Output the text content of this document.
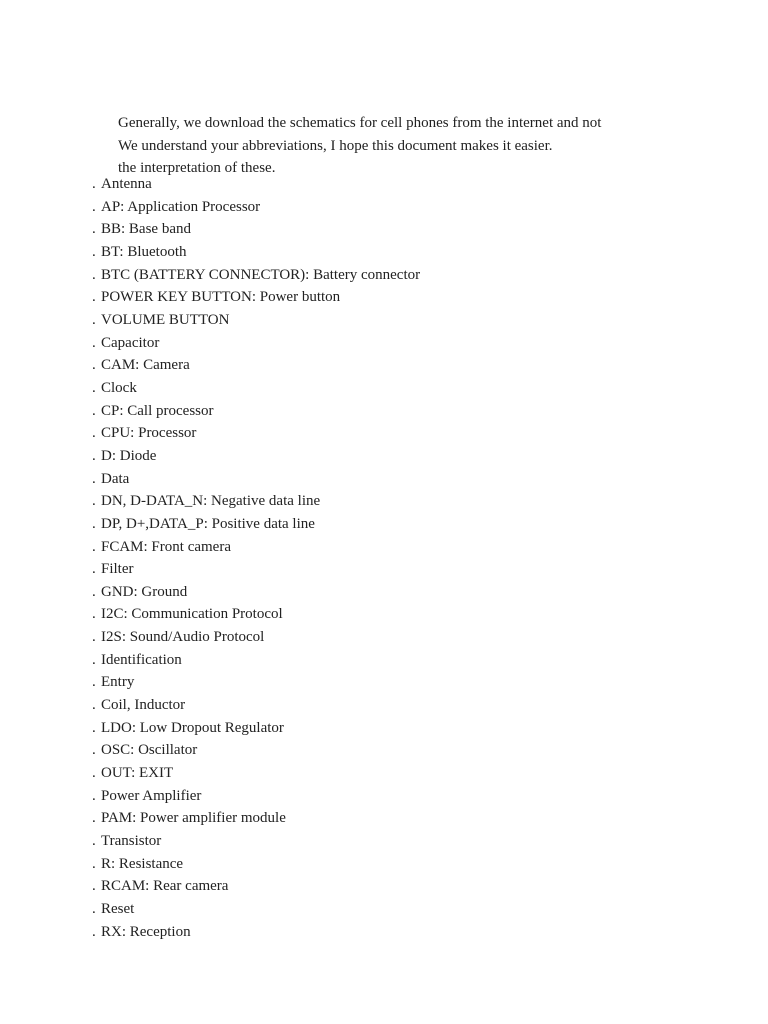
Generally, we download the schematics for cell phones from the internet and not

We understand your abbreviations, I hope this document makes it easier.

the interpretation of these.

. Antenna
. AP: Application Processor
. BB: Base band
. BT: Bluetooth
. BTC (BATTERY CONNECTOR): Battery connector
. POWER KEY BUTTON: Power button
. VOLUME BUTTON
. Capacitor
. CAM: Camera
. Clock
. CP: Call processor
. CPU: Processor
. D: Diode
. Data
. DN, D-DATA_N: Negative data line
. DP, D+,DATA_P: Positive data line
. FCAM: Front camera
. Filter
. GND: Ground
. I2C: Communication Protocol
. I2S: Sound/Audio Protocol
. Identification
. Entry
. Coil, Inductor
. LDO: Low Dropout Regulator
. OSC: Oscillator
. OUT: EXIT
. Power Amplifier
. PAM: Power amplifier module
. Transistor
. R: Resistance
. RCAM: Rear camera
. Reset
. RX: Reception
